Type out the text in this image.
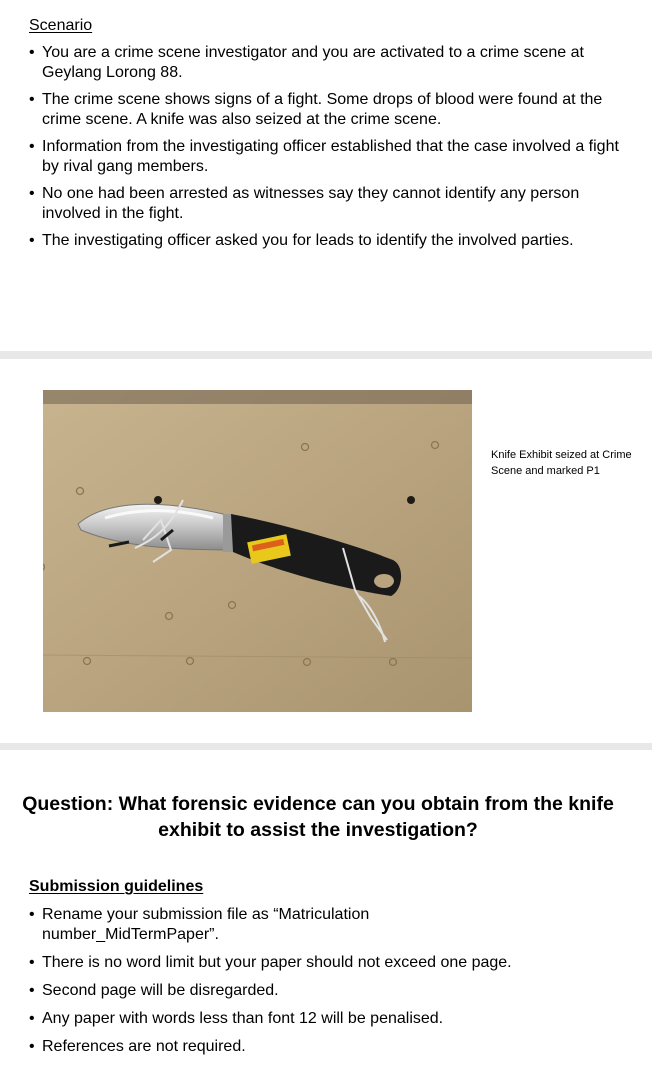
Scenario
• You are a crime scene investigator and you are activated to a crime scene at Geylang Lorong 88.
• The crime scene shows signs of a fight. Some drops of blood were found at the crime scene. A knife was also seized at the crime scene.
• Information from the investigating officer established that the case involved a fight by rival gang members.
• No one had been arrested as witnesses say they cannot identify any person involved in the fight.
• The investigating officer asked you for leads to identify the involved parties.
Knife Exhibit seized at Crime Scene and marked P1
Question: What forensic evidence can you obtain from the knife exhibit to assist the investigation?
Submission guidelines
• Rename your submission file as “Matriculation number_MidTermPaper”.
• There is no word limit but your paper should not exceed one page.
• Second page will be disregarded.
• Any paper with words less than font 12 will be penalised.
• References are not required.
